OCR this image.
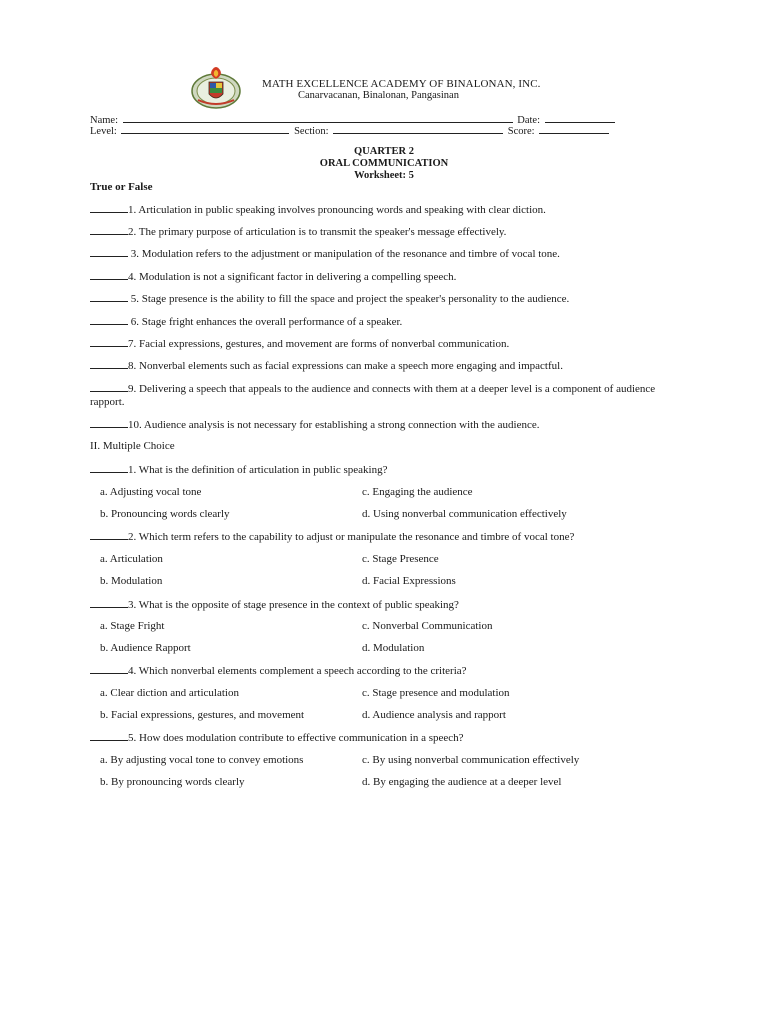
MATH EXCELLENCE ACADEMY OF BINALONAN, INC.
Canarvacanan, Binalonan, Pangasinan
Name:	Date:
Level:	Section:	Score:
QUARTER 2
ORAL COMMUNICATION
Worksheet: 5
True or False
1. Articulation in public speaking involves pronouncing words and speaking with clear diction.
2. The primary purpose of articulation is to transmit the speaker's message effectively.
3. Modulation refers to the adjustment or manipulation of the resonance and timbre of vocal tone.
4. Modulation is not a significant factor in delivering a compelling speech.
5. Stage presence is the ability to fill the space and project the speaker's personality to the audience.
6. Stage fright enhances the overall performance of a speaker.
7. Facial expressions, gestures, and movement are forms of nonverbal communication.
8. Nonverbal elements such as facial expressions can make a speech more engaging and impactful.
9. Delivering a speech that appeals to the audience and connects with them at a deeper level is a component of audience rapport.
10. Audience analysis is not necessary for establishing a strong connection with the audience.
II. Multiple Choice
1. What is the definition of articulation in public speaking?
a. Adjusting vocal tone	c. Engaging the audience
b. Pronouncing words clearly	d. Using nonverbal communication effectively
2. Which term refers to the capability to adjust or manipulate the resonance and timbre of vocal tone?
a. Articulation	c. Stage Presence
b. Modulation	d. Facial Expressions
3. What is the opposite of stage presence in the context of public speaking?
a. Stage Fright	c. Nonverbal Communication
b. Audience Rapport	d. Modulation
4. Which nonverbal elements complement a speech according to the criteria?
a. Clear diction and articulation	c. Stage presence and modulation
b. Facial expressions, gestures, and movement	d. Audience analysis and rapport
5. How does modulation contribute to effective communication in a speech?
a. By adjusting vocal tone to convey emotions	c. By using nonverbal communication effectively
b. By pronouncing words clearly	d. By engaging the audience at a deeper level
